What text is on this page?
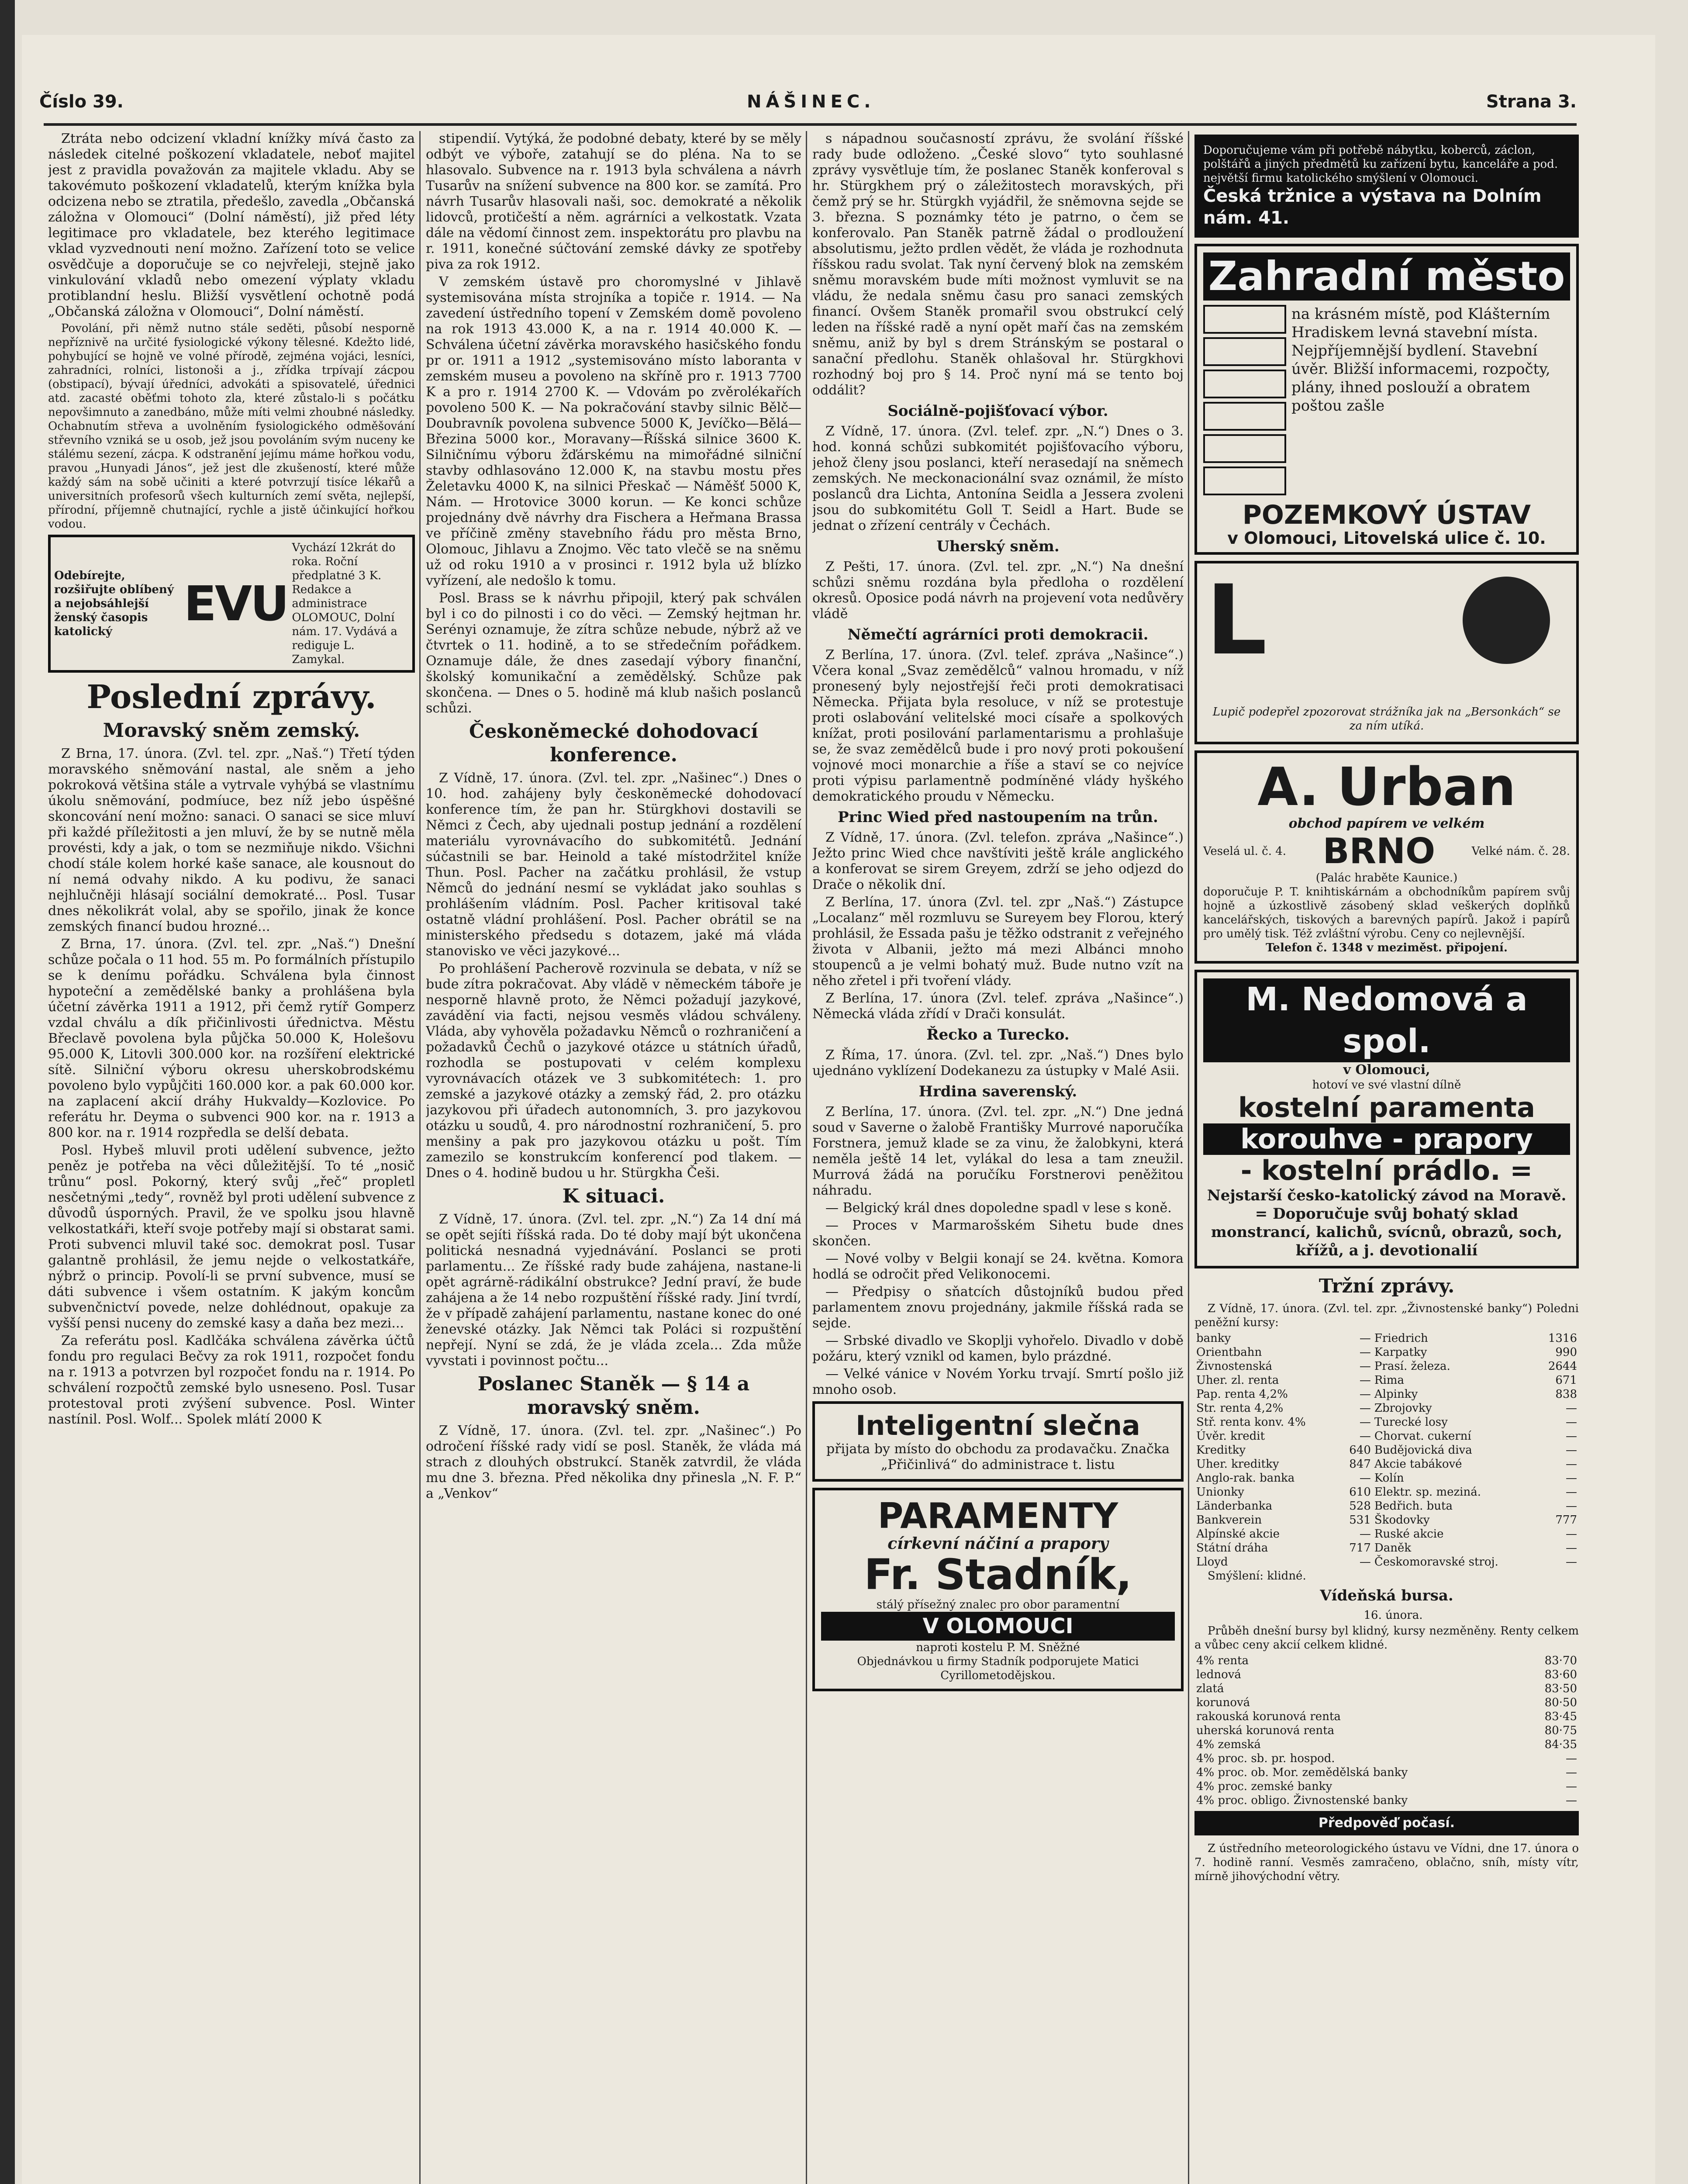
Číslo 39.	NÁŠINEC.	Strana 3.

Ztráta nebo odcizení vkladní knížky mívá často za následek citelné poškození vkladatele, neboť majitel jest z pravidla považován za majitele vkladu. Aby se takovémuto poškození vkladatelů, kterým knížka byla odcizena nebo se ztratila, předešlo, zavedla „Občanská záložna v Olomouci“ (Dolní náměstí), již před léty legitimace pro vkladatele, bez kterého legitimace vklad vyzvednouti není možno. Zařízení toto se velice osvědčuje a doporučuje se co nejvřeleji, stejně jako vinkulování vkladů nebo omezení výplaty vkladu protiblandní heslu. Bližší vysvětlení ochotně podá „Občanská záložna v Olomouci“, Dolní náměstí.

Povolání, při němž nutno stále seděti, působí nesporně nepříznivě na určité fysiologické výkony tělesné. Kdežto lidé, pohybující se hojně ve volné přírodě, zejména vojáci, lesníci, zahradníci, rolníci, listonoši a j., zřídka trpívají zácpou (obstipací), bývají úředníci, advokáti a spisovatelé, úřednici atd. zacasté oběťmi tohoto zla, které zůstalo-li s počátku nepovšimnuto a zanedbáno, může míti velmi zhoubné následky. Ochabnutím střeva a uvolněním fysiologického odměšování střevního vzniká se u osob, jež jsou povoláním svým nuceny ke stálému sezení, zácpa. K odstranění jejímu máme hořkou vodu, pravou „Hunyadi János“, jež jest dle zkušeností, které může každý sám na sobě učiniti a které potvrzují tisíce lékařů a universitních profesorů všech kulturních zemí světa, nejlepší, přírodní, příjemně chutnající, rychle a jistě účinkující hořkou vodou.

Odebírejte, rozšiřujte oblíbený a nejobsáhlejší ženský časopis katolický	EVU
Vychází 12krát do roka. Roční předplatné 3 K. Redakce a administrace OLOMOUC, Dolní nám. 17. Vydává a rediguje L. Zamykal.
Poslední zprávy.
Moravský sněm zemský.

Z Brna, 17. února. (Zvl. tel. zpr. „Naš.“) Třetí týden moravského sněmování nastal, ale sněm a jeho pokroková většina stále a vytrvale vyhýbá se vlastnímu úkolu sněmování, podmíuce, bez níž jebo úspěšné skoncování není možno: sanaci. O sanaci se sice mluví při každé příležitosti a jen mluví, že by se nutně měla provésti, kdy a jak, o tom se nezmiňuje nikdo. Všichni chodí stále kolem horké kaše sanace, ale kousnout do ní nemá odvahy nikdo. A ku podivu, že sanaci nejhlučněji hlásají sociální demokraté... Posl. Tusar dnes několikrát volal, aby se spořilo, jinak že konce zemských financí budou hrozné...

Z Brna, 17. února. (Zvl. tel. zpr. „Naš.“) Dnešní schůze počala o 11 hod. 55 m. Po formálních přístupilo se k denímu pořádku. Schválena byla činnost hypoteční a zemědělské banky a prohlášena byla účetní závěrka 1911 a 1912, při čemž rytíř Gomperz vzdal chválu a dík přičinlivosti úřednictva. Městu Břeclavě povolena byla půjčka 50.000 K, Holešovu 95.000 K, Litovli 300.000 kor. na rozšíření elektrické sítě. Silniční výboru okresu uherskobrodskému povoleno bylo vypůjčiti 160.000 kor. a pak 60.000 kor. na zaplacení akcií dráhy Hukvaldy—Kozlovice. Po referátu hr. Deyma o subvenci 900 kor. na r. 1913 a 800 kor. na r. 1914 rozpředla se delší debata.

Posl. Hybeš mluvil proti udělení subvence, ježto peněz je potřeba na věci důležitější. To té „nosič trůnu“ posl. Pokorný, který svůj „řeč“ propletl nesčetnými „tedy“, rovněž byl proti udělení subvence z důvodů úsporných. Pravil, že ve spolku jsou hlavně velkostatkáři, kteří svoje potřeby mají si obstarat sami. Proti subvenci mluvil také soc. demokrat posl. Tusar galantně prohlásil, že jemu nejde o velkostatkáře, nýbrž o princip. Povolí-li se první subvence, musí se dáti subvence i všem ostatním. K jakým koncům subvenčnictví povede, nelze dohlédnout, opakuje za vyšší pensi nuceny do zemské kasy a daňa bez mezi...

Za referátu posl. Kadlčáka schválena závěrka účtů fondu pro regulaci Bečvy za rok 1911, rozpočet fondu na r. 1913 a potvrzen byl rozpočet fondu na r. 1914. Po schválení rozpočtů zemské bylo usneseno. Posl. Tusar protestoval proti zvýšení subvence. Posl. Winter nastínil. Posl. Wolf... Spolek mlátí 2000 K

stipendií. Vytýká, že podobné debaty, které by se měly odbýt ve výboře, zatahují se do pléna. Na to se hlasovalo. Subvence na r. 1913 byla schválena a návrh Tusarův na snížení subvence na 800 kor. se zamítá. Pro návrh Tusarův hlasovali naši, soc. demokraté a několik lidovců, protičeští a něm. agrárníci a velkostatk. Vzata dále na vědomí činnost zem. inspektorátu pro plavbu na r. 1911, konečné súčtování zemské dávky ze spotřeby piva za rok 1912.

V zemském ústavě pro choromyslné v Jihlavě systemisována místa strojníka a topiče r. 1914. — Na zavedení ústředního topení v Zemském domě povoleno na rok 1913 43.000 K, a na r. 1914 40.000 K. — Schválena účetní závěrka moravského hasičského fondu pr or. 1911 a 1912 „systemisováno místo laboranta v zemském museu a povoleno na skříně pro r. 1913 7700 K a pro r. 1914 2700 K. — Vdovám po zvěrolékařích povoleno 500 K. — Na pokračování stavby silnic Bělč—Doubravník povolena subvence 5000 K, Jevíčko—Bělá—Březina 5000 kor., Moravany—Říšská silnice 3600 K. Silničnímu výboru žďárskému na mimořádné silniční stavby odhlasováno 12.000 K, na stavbu mostu přes Želetavku 4000 K, na silnici Přeskač — Náměšť 5000 K, Nám. — Hrotovice 3000 korun. — Ke konci schůze projednány dvě návrhy dra Fischera a Heřmana Brassa ve příčině změny stavebního řádu pro města Brno, Olomouc, Jihlavu a Znojmo. Věc tato vlečě se na sněmu už od roku 1910 a v prosinci r. 1912 byla už blízko vyřízení, ale nedošlo k tomu.

Posl. Brass se k návrhu připojil, který pak schválen byl i co do pilnosti i co do věci. — Zemský hejtman hr. Serényi oznamuje, že zítra schůze nebude, nýbrž až ve čtvrtek o 11. hodině, a to se středečním pořádkem. Oznamuje dále, že dnes zasedají výbory finanční, školský komunikační a zemědělský. Schůze pak skončena. — Dnes o 5. hodině má klub našich poslanců schůzi.

Českoněmecké dohodovací konference.

Z Vídně, 17. února. (Zvl. tel. zpr. „Našinec“.) Dnes o 10. hod. zahájeny byly českoněmecké dohodovací konference tím, že pan hr. Stürgkhovi dostavili se Němci z Čech, aby ujednali postup jednání a rozdělení materiálu vyrovnávacího do subkomitétů. Jednání súčastnili se bar. Heinold a také místodržitel kníže Thun. Posl. Pacher na začátku prohlásil, že vstup Němců do jednání nesmí se vykládat jako souhlas s prohlášením vládním. Posl. Pacher kritisoval také ostatně vládní prohlášení. Posl. Pacher obrátil se na ministerského předsedu s dotazem, jaké má vláda stanovisko ve věci jazykové...

Po prohlášení Pacherově rozvinula se debata, v níž se bude zítra pokračovat. Aby vládě v německém táboře je nesporně hlavně proto, že Němci požadují jazykové, zavádění via facti, nejsou vesměs vládou schváleny. Vláda, aby vyhověla požadavku Němců o rozhraničení a požadavků Čechů o jazykové otázce u státních úřadů, rozhodla se postupovati v celém komplexu vyrovnávacích otázek ve 3 subkomitétech: 1. pro zemské a jazykové otázky a zemský řád, 2. pro otázku jazykovou při úřadech autonomních, 3. pro jazykovou otázku u soudů, 4. pro národnostní rozhraničení, 5. pro menšiny a pak pro jazykovou otázku u pošt. Tím zamezilo se konstrukcím konferencí pod tlakem. — Dnes o 4. hodině budou u hr. Stürgkha Češi.

K situaci.

Z Vídně, 17. února. (Zvl. tel. zpr. „N.“) Za 14 dní má se opět sejíti říšská rada. Do té doby mají být ukončena politická nesnadná vyjednávání. Poslanci se proti parlamentu... Ze říšské rady bude zahájena, nastane-li opět agrárně-rádikální obstrukce? Jední praví, že bude zahájena a že 14 nebo rozpuštění říšské rady. Jiní tvrdí, že v případě zahájení parlamentu, nastane konec do oné ženevské otázky. Jak Němci tak Poláci si rozpuštění nepřejí. Nyní se zdá, že je vláda zcela... Zda může vyvstati i povinnost počtu...

Poslanec Staněk — § 14 a moravský sněm.

Z Vídně, 17. února. (Zvl. tel. zpr. „Našinec“.) Po odročení říšské rady vidí se posl. Staněk, že vláda má strach z dlouhých obstrukcí. Staněk zatvrdil, že vláda mu dne 3. března. Před několika dny přinesla „N. F. P.“ a „Venkov“

s nápadnou současností zprávu, že svolání říšské rady bude odloženo. „České slovo“ tyto souhlasné zprávy vysvětluje tím, že poslanec Staněk konferoval s hr. Stürgkhem prý o záležitostech moravských, při čemž prý se hr. Stürgkh vyjádřil, že sněmovna sejde se 3. března. S poznámky této je patrno, o čem se konferovalo. Pan Staněk patrně žádal o prodloužení absolutismu, ježto prdlen vědět, že vláda je rozhodnuta říšskou radu svolat. Tak nyní červený blok na zemském sněmu moravském bude míti možnost vymluvit se na vládu, že nedala sněmu času pro sanaci zemských financí. Ovšem Staněk promařil svou obstrukcí celý leden na říšské radě a nyní opět maří čas na zemském sněmu, aniž by byl s drem Stránským se postaral o sanační předlohu. Staněk ohlašoval hr. Stürgkhovi rozhodný boj pro § 14. Proč nyní má se tento boj oddálit?

Sociálně-pojišťovací výbor.

Z Vídně, 17. února. (Zvl. telef. zpr. „N.“) Dnes o 3. hod. konná schůzi subkomitét pojišťovacího výboru, jehož členy jsou poslanci, kteří nerasedají na sněmech zemských. Ne meckonacionální svaz oznámil, že místo poslanců dra Lichta, Antonína Seidla a Jessera zvoleni jsou do subkomitétu Goll T. Seidl a Hart. Bude se jednat o zřízení centrály v Čechách.

Uherský sněm.

Z Pešti, 17. února. (Zvl. tel. zpr. „N.“) Na dnešní schůzi sněmu rozdána byla předloha o rozdělení okresů. Oposice podá návrh na projevení vota nedůvěry vládě

Němečtí agrárníci proti demokracii.

Z Berlína, 17. února. (Zvl. telef. zpráva „Našince“.) Včera konal „Svaz zemědělců“ valnou hromadu, v níž pronesený byly nejostřejší řeči proti demokratisaci Německa. Přijata byla resoluce, v níž se protestuje proti oslabování velitelské moci císaře a spolkových knížat, proti posilování parlamentarismu a prohlašuje se, že svaz zemědělců bude i pro nový proti pokoušení vojnové moci monarchie a říše a staví se co nejvíce proti výpisu parlamentně podmíněné vlády hyškého demokratického proudu v Německu.

Princ Wied před nastoupením na trůn.

Z Vídně, 17. února. (Zvl. telefon. zpráva „Našince“.) Ježto princ Wied chce navštíviti ještě krále anglického a konferovat se sirem Greyem, zdrží se jeho odjezd do Drače o několik dní.

Z Berlína, 17. února (Zvl. tel. zpr „Naš.“) Zástupce „Localanz“ měl rozmluvu se Sureyem bey Florou, který prohlásil, že Essada pašu je těžko odstranit z veřejného života v Albanii, ježto má mezi Albánci mnoho stoupenců a je velmi bohatý muž. Bude nutno vzít na něho zřetel i při tvoření vlády.

Z Berlína, 17. února (Zvl. telef. zpráva „Našince“.) Německá vláda zřídí v Drači konsulát.

Řecko a Turecko.

Z Říma, 17. února. (Zvl. tel. zpr. „Naš.“) Dnes bylo ujednáno vyklízení Dodekanezu za ústupky v Malé Asii.

Hrdina saverenský.

Z Berlína, 17. února. (Zvl. tel. zpr. „N.“) Dne jedná soud v Saverne o žalobě Františky Murrové naporučíka Forstnera, jemuž klade se za vinu, že žalobkyni, která nemělа ještě 14 let, vylákal do lesa a tam zneužil. Murrová žádá na poručíku Forstnerovi peněžitou náhradu.

— Belgický král dnes dopoledne spadl v lese s koně.

— Proces v Marmarošském Sihetu bude dnes skončen.

— Nové volby v Belgii konají se 24. května. Komora hodlá se odročit před Velikonocemi.

— Předpisy o sňatcích důstojníků budou před parlamentem znovu projednány, jakmile říšská rada se sejde.

— Srbské divadlo ve Skoplji vyhořelo. Divadlo v době požáru, který vznikl od kamen, bylo prázdné.

— Velké vánice v Novém Yorku trvají. Smrtí pošlo již mnoho osob.

Inteligentní slečna
přijata by místo do obchodu za prodavačku. Značka „Přičinlivá“ do administrace t. listu
PARAMENTY
církevní náčiní a prapory
Fr. Stadník,
stálý přísežný znalec pro obor paramentní
V OLOMOUCI
naproti kostelu P. M. Sněžné
Objednávkou u firmy Stadník podporujete Matici Cyrillometodějskou.
Doporučujeme vám při potřebě nábytku, koberců, záclon, polštářů a jiných předmětů ku zařízení bytu, kanceláře a pod. největší firmu katolického smýšlení v Olomouci.
Česká tržnice a výstava na Dolním nám. 41.
Zahradní město
na krásném místě, pod Klášterním Hradiskem levná stavební místa. Nejpříjemnější bydlení. Stavební úvěr. Bližší informacemi, rozpočty, plány, ihned poslouží a obratem poštou zašle
POZEMKOVÝ ÚSTAV
v Olomouci, Litovelská ulice č. 10.
L
Lupič podepřel zpozorovat strážníka jak na „Bersonkách“ se za ním utíká.
A. Urban
obchod papírem ve velkém
Veselá ul. č. 4. BRNO	Velké nám. č. 28.
(Palác hraběte Kaunice.)
doporučuje P. T. knihtiskárnám a obchodníkům papírem svůj hojně a úzkostlivě zásobený sklad veškerých doplňků kancelářských, tiskových a barevných papírů. Jakož i papírů pro umělý tisk. Též zvláštní výrobu. Ceny co nejlevnější.
Telefon č. 1348 v meziměst. připojení.
M. Nedomová a spol.
v Olomouci,
hotoví ve své vlastní dílně
kostelní paramenta
korouhve - prapory
- kostelní prádlo. =
Nejstarší česko-katolický závod na Moravě. = Doporučuje svůj bohatý sklad monstrancí, kalichů, svícnů, obrazů, soch, křížů, a j. devotionalií
Tržní zprávy.

Z Vídně, 17. února. (Zvl. tel. zpr. „Živnostenské banky“) Poledni peněžní kursy:

banky	—	Friedrich	1316
Orientbahn	—	Karpatky	990
Živnostenská	—	Prasí. železa.	2644
Uher. zl. renta	—	Rima	671
Pap. renta 4,2%	—	Alpinky	838
Str. renta 4,2%	—	Zbrojovky	—
Stř. renta konv. 4%	—	Turecké losy	—
Úvěr. kredit	—	Chorvat. cukerní	—
Kreditky	640	Budějovická diva	—
Uher. kreditky	847	Akcie tabákové	—
Anglo-rak. banka	—	Kolín	—
Unionky	610	Elektr. sp. meziná.	—
Länderbanka	528	Bedřich. buta	—
Bankverein	531	Škodovky	777
Alpínské akcie	—	Ruské akcie	—
Státní dráha	717	Daněk	—
Lloyd	—	Českomoravské stroj.	—

Smýšlení: klidné.

Vídeňská bursa.

16. února.

Průběh dnešní bursy byl klidný, kursy nezměněny. Renty celkem a vůbec ceny akcií celkem klidné.

4% renta	83·70
lednová	83·60
zlatá	83·50
korunová	80·50
rakouská korunová renta	83·45
uherská korunová renta	80·75
4% zemská	84·35
4% proc. sb. pr. hospod.	—
4% proc. ob. Mor. zemědělská banky	—
4% proc. zemské banky	—
4% proc. obligo. Živnostenské banky	—
Předpověď počasí.

Z ústředního meteorologického ústavu ve Vídni, dne 17. února o 7. hodině ranní. Vesměs zamračeno, oblačno, sníh, místy vítr, mírně jihovýchodní větry.
